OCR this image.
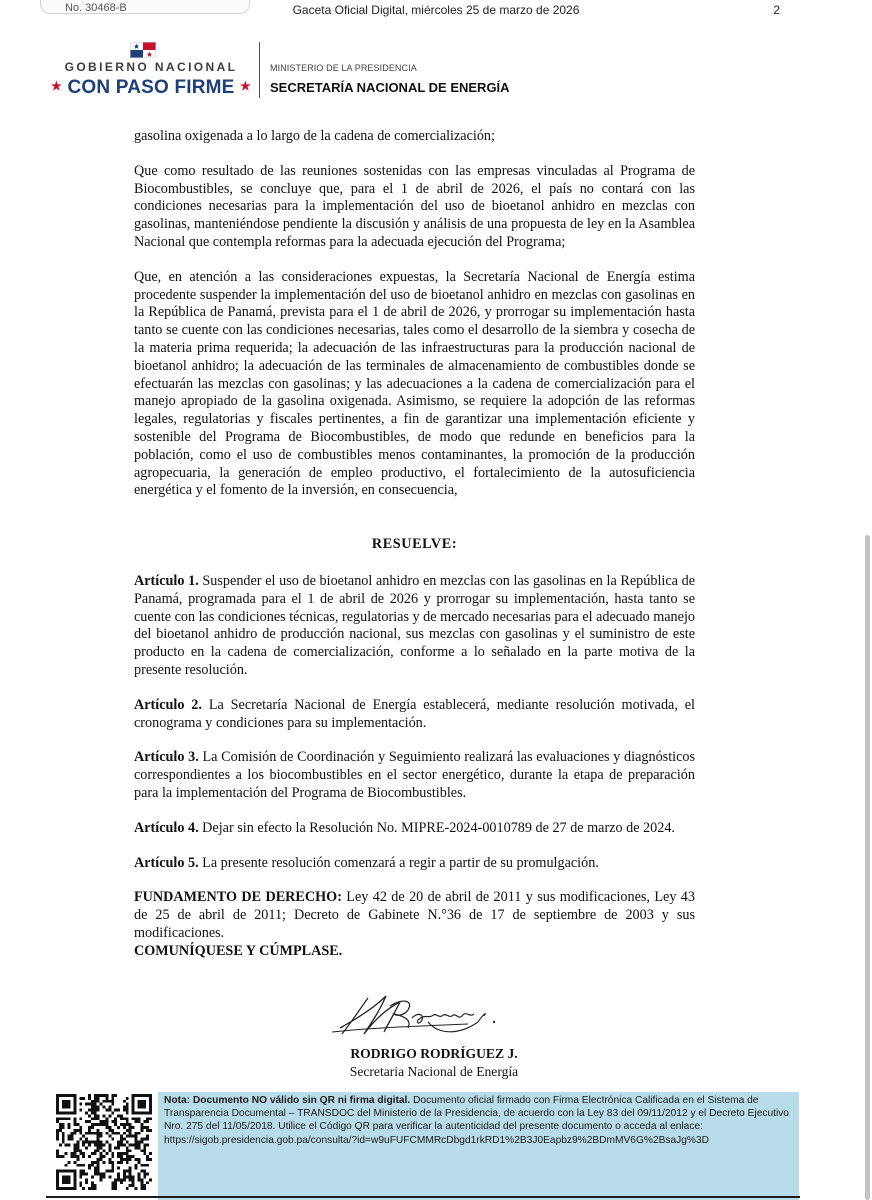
No. 30468-B	Gaceta Oficial Digital, miércoles 25 de marzo de 2026	2
GOBIERNO NACIONAL
★ CON PASO FIRME ★
MINISTERIO DE LA PRESIDENCIA
SECRETARÍA NACIONAL DE ENERGÍA

gasolina oxigenada a lo largo de la cadena de comercialización;

Que como resultado de las reuniones sostenidas con las empresas vinculadas al Programa de Biocombustibles, se concluye que, para el 1 de abril de 2026, el país no contará con las condiciones necesarias para la implementación del uso de bioetanol anhidro en mezclas con gasolinas, manteniéndose pendiente la discusión y análisis de una propuesta de ley en la Asamblea Nacional que contempla reformas para la adecuada ejecución del Programa;

Que, en atención a las consideraciones expuestas, la Secretaría Nacional de Energía estima procedente suspender la implementación del uso de bioetanol anhidro en mezclas con gasolinas en la República de Panamá, prevista para el 1 de abril de 2026, y prorrogar su implementación hasta tanto se cuente con las condiciones necesarias, tales como el desarrollo de la siembra y cosecha de la materia prima requerida; la adecuación de las infraestructuras para la producción nacional de bioetanol anhidro; la adecuación de las terminales de almacenamiento de combustibles donde se efectuarán las mezclas con gasolinas; y las adecuaciones a la cadena de comercialización para el manejo apropiado de la gasolina oxigenada. Asimismo, se requiere la adopción de las reformas legales, regulatorias y fiscales pertinentes, a fin de garantizar una implementación eficiente y sostenible del Programa de Biocombustibles, de modo que redunde en beneficios para la población, como el uso de combustibles menos contaminantes, la promoción de la producción agropecuaria, la generación de empleo productivo, el fortalecimiento de la autosuficiencia energética y el fomento de la inversión, en consecuencia,

RESUELVE:

Artículo 1. Suspender el uso de bioetanol anhidro en mezclas con las gasolinas en la República de Panamá, programada para el 1 de abril de 2026 y prorrogar su implementación, hasta tanto se cuente con las condiciones técnicas, regulatorias y de mercado necesarias para el adecuado manejo del bioetanol anhidro de producción nacional, sus mezclas con gasolinas y el suministro de este producto en la cadena de comercialización, conforme a lo señalado en la parte motiva de la presente resolución.

Artículo 2. La Secretaría Nacional de Energía establecerá, mediante resolución motivada, el cronograma y condiciones para su implementación.

Artículo 3. La Comisión de Coordinación y Seguimiento realizará las evaluaciones y diagnósticos correspondientes a los biocombustibles en el sector energético, durante la etapa de preparación para la implementación del Programa de Biocombustibles.

Artículo 4. Dejar sin efecto la Resolución No. MIPRE-2024-0010789 de 27 de marzo de 2024.

Artículo 5. La presente resolución comenzará a regir a partir de su promulgación.

FUNDAMENTO DE DERECHO: Ley 42 de 20 de abril de 2011 y sus modificaciones, Ley 43 de 25 de abril de 2011; Decreto de Gabinete N.°36 de 17 de septiembre de 2003 y sus modificaciones.

COMUNÍQUESE Y CÚMPLASE.

RODRIGO RODRÍGUEZ J.
Secretaria Nacional de Energía
Nota: Documento NO válido sin QR ni firma digital. Documento oficial firmado con Firma Electrónica Calificada en el Sistema de Transparencia Documental – TRANSDOC del Ministerio de la Presidencia, de acuerdo con la Ley 83 del 09/11/2012 y el Decreto Ejecutivo Nro. 275 del 11/05/2018. Utilice el Código QR para verificar la autenticidad del presente documento o acceda al enlace:
https://sigob.presidencia.gob.pa/consulta/?id=w9uFUFCMMRcDbgd1rkRD1%2B3J0Eapbz9%2BDmMV6G%2BsaJg%3D
